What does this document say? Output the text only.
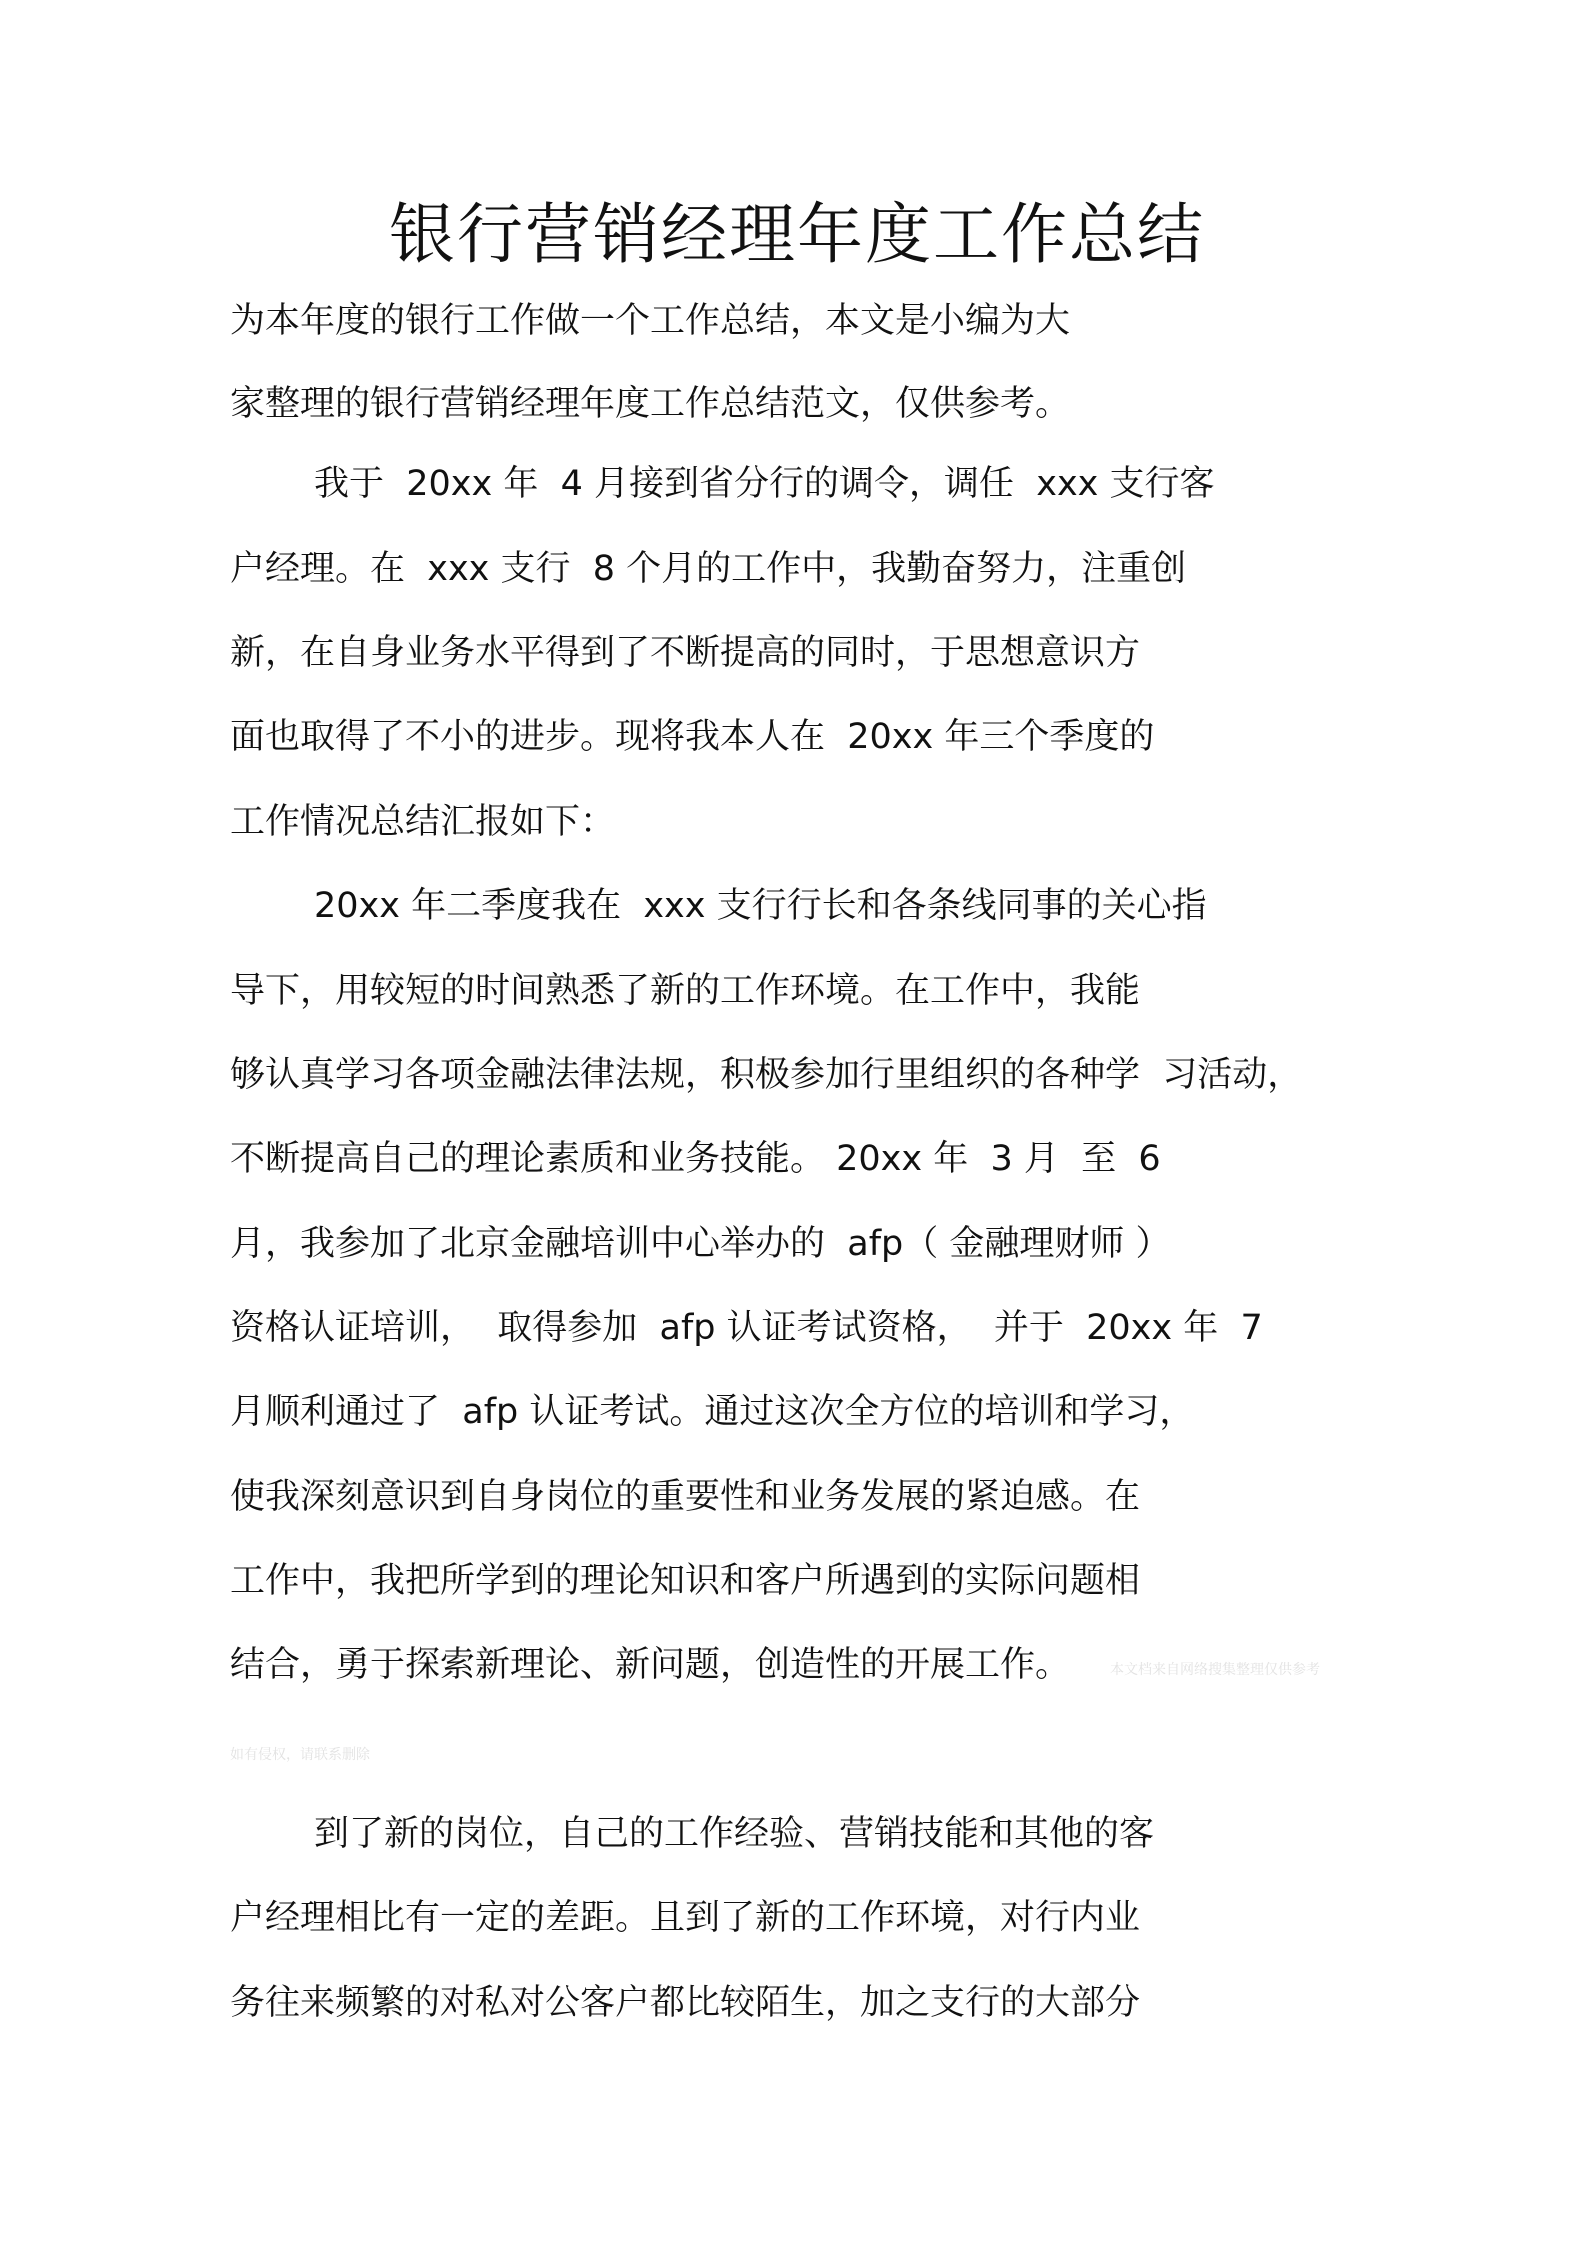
银行营销经理年度工作总结

为本年度的银行工作做一个工作总结，本文是小编为大

家整理的银行营销经理年度工作总结范文，仅供参考。

我于  20xx 年  4 月接到省分行的调令，调任  xxx 支行客

户经理。在  xxx 支行  8 个月的工作中，我勤奋努力，注重创

新，在自身业务水平得到了不断提高的同时，于思想意识方

面也取得了不小的进步。现将我本人在  20xx 年三个季度的

工作情况总结汇报如下：

20xx 年二季度我在  xxx 支行行长和各条线同事的关心指

导下，用较短的时间熟悉了新的工作环境。在工作中，我能

够认真学习各项金融法律法规，积极参加行里组织的各种学  习活动，

不断提高自己的理论素质和业务技能。 20xx 年  3 月  至  6

月，我参加了北京金融培训中心举办的  afp（ 金融理财师 ）

资格认证培训，  取得参加  afp 认证考试资格，  并于  20xx 年  7

月顺利通过了  afp 认证考试。通过这次全方位的培训和学习，

使我深刻意识到自身岗位的重要性和业务发展的紧迫感。在

工作中，我把所学到的理论知识和客户所遇到的实际问题相

结合，勇于探索新理论、新问题，创造性的开展工作。	本文档来自网络搜集整理仅供参考
如有侵权，请联系删除

到了新的岗位，自己的工作经验、营销技能和其他的客

户经理相比有一定的差距。且到了新的工作环境，对行内业

务往来频繁的对私对公客户都比较陌生，加之支行的大部分
